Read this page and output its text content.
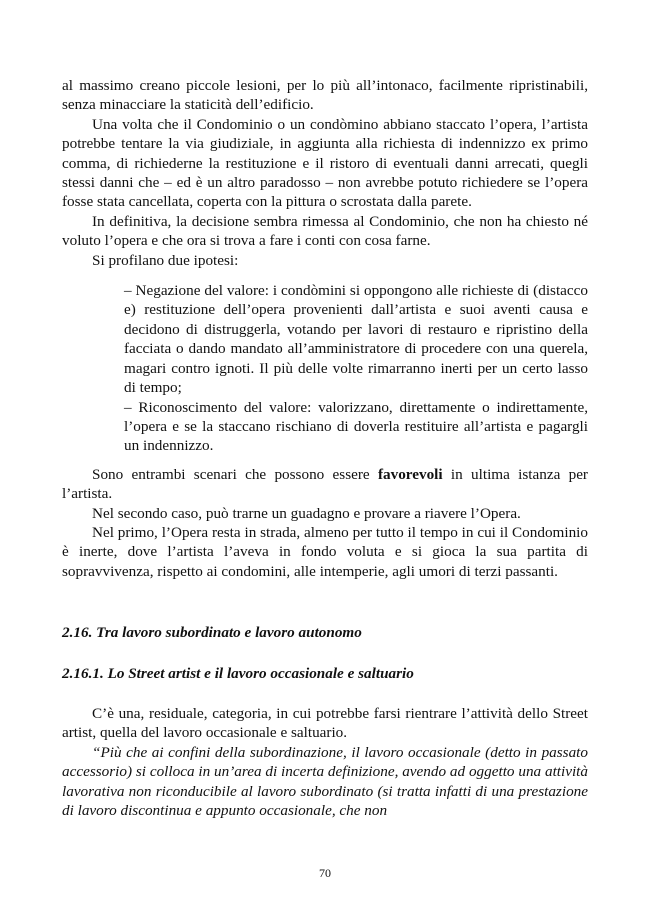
al massimo creano piccole lesioni, per lo più all’intonaco, facilmente ripristinabili, senza minacciare la staticità dell’edificio.

Una volta che il Condominio o un condòmino abbiano staccato l’opera, l’artista potrebbe tentare la via giudiziale, in aggiunta alla richiesta di indennizzo ex primo comma, di richiederne la restituzione e il ristoro di eventuali danni arrecati, quegli stessi danni che – ed è un altro paradosso – non avrebbe potuto richiedere se l’opera fosse stata cancellata, coperta con la pittura o scrostata dalla parete.

In definitiva, la decisione sembra rimessa al Condominio, che non ha chiesto né voluto l’opera e che ora si trova a fare i conti con cosa farne.

Si profilano due ipotesi:

– Negazione del valore: i condòmini si oppongono alle richieste di (distacco e) restituzione dell’opera provenienti dall’artista e suoi aventi causa e decidono di distruggerla, votando per lavori di restauro e ripristino della facciata o dando mandato all’amministratore di procedere con una querela, magari contro ignoti. Il più delle volte rimarranno inerti per un certo lasso di tempo;

– Riconoscimento del valore: valorizzano, direttamente o indirettamente, l’opera e se la staccano rischiano di doverla restituire all’artista e pagargli un indennizzo.

Sono entrambi scenari che possono essere favorevoli in ultima istanza per l’artista.

Nel secondo caso, può trarne un guadagno e provare a riavere l’Opera.

Nel primo, l’Opera resta in strada, almeno per tutto il tempo in cui il Condominio è inerte, dove l’artista l’aveva in fondo voluta e si gioca la sua partita di sopravvivenza, rispetto ai condomini, alle intemperie, agli umori di terzi passanti.

2.16. Tra lavoro subordinato e lavoro autonomo

2.16.1. Lo Street artist e il lavoro occasionale e saltuario

C’è una, residuale, categoria, in cui potrebbe farsi rientrare l’attività dello Street artist, quella del lavoro occasionale e saltuario.

“Più che ai confini della subordinazione, il lavoro occasionale (detto in passato accessorio) si colloca in un’area di incerta definizione, avendo ad oggetto una attività lavorativa non riconducibile al lavoro subordinato (si tratta infatti di una prestazione di lavoro discontinua e appunto occasionale, che non

70
